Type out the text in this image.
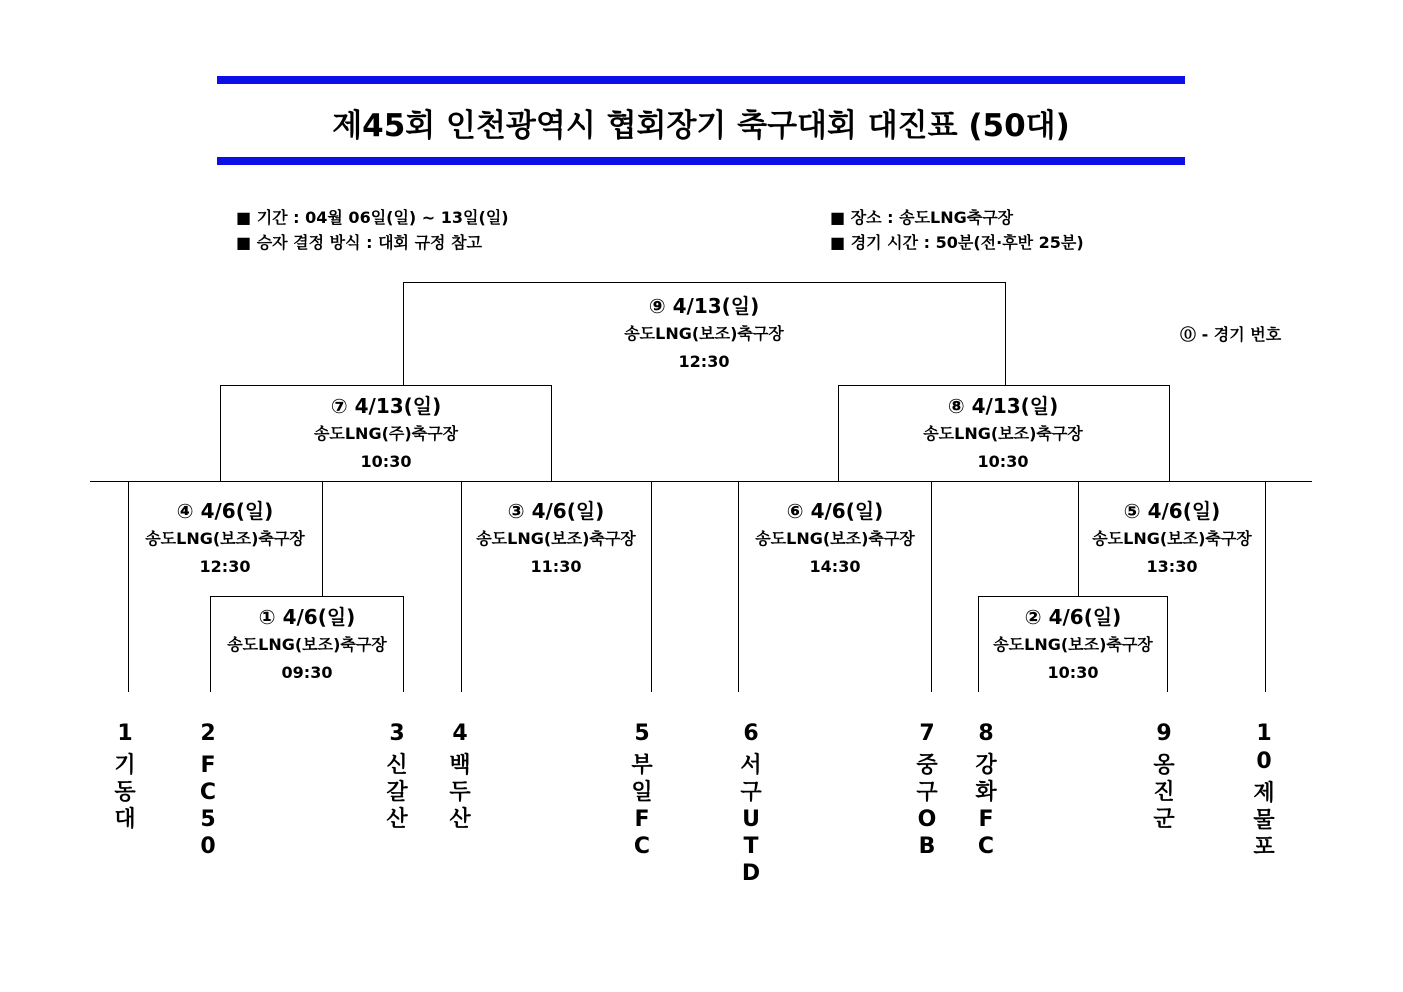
제45회 인천광역시 협회장기 축구대회 대진표 (50대)
■ 기간 : 04월 06일(일) ~ 13일(일)
■ 승자 결정 방식 : 대회 규정 참고
■ 장소 : 송도LNG축구장
■ 경기 시간 : 50분(전·후반 25분)
⓪ - 경기 번호
⑨ 4/13(일)
송도LNG(보조)축구장
12:30
⑦ 4/13(일)
송도LNG(주)축구장
10:30
⑧ 4/13(일)
송도LNG(보조)축구장
10:30
④ 4/6(일)
송도LNG(보조)축구장
12:30
③ 4/6(일)
송도LNG(보조)축구장
11:30
⑥ 4/6(일)
송도LNG(보조)축구장
14:30
⑤ 4/6(일)
송도LNG(보조)축구장
13:30
① 4/6(일)
송도LNG(보조)축구장
09:30
② 4/6(일)
송도LNG(보조)축구장
10:30
1
기
동
대
2
F
C
5
0
3
신
갈
산
4
백
두
산
5
부
일
F
C
6
서
구
U
T
D
7
중
구
O
B
8
강
화
F
C
9
옹
진
군
1
0
제
물
포
